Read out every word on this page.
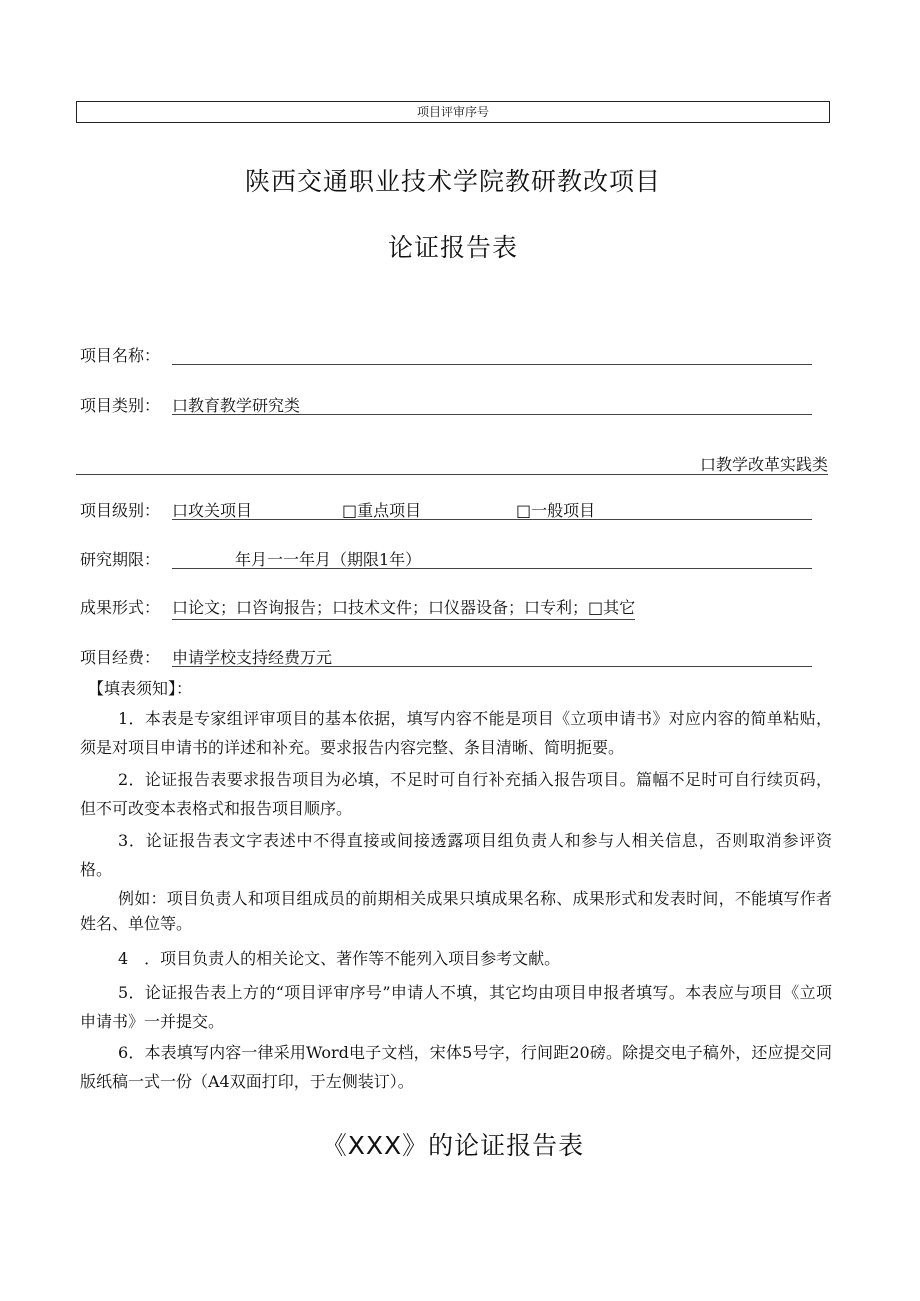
项目评审序号
陕西交通职业技术学院教研教改项目
论证报告表
项目名称：
项目类别： 口教育教学研究类
口教学改革实践类
项目级别： 口攻关项目	□重点项目	□一般项目
研究期限：	年月一一年月（期限1年）
成果形式： 口论文；口咨询报告；口技术文件；口仪器设备；口专利；□其它
项目经费： 申请学校支持经费万元
【填表须知】：
1．本表是专家组评审项目的基本依据，填写内容不能是项目《立项申请书》对应内容的简单粘贴，须是对项目申请书的详述和补充。要求报告内容完整、条目清晰、简明扼要。
2．论证报告表要求报告项目为必填，不足时可自行补充插入报告项目。篇幅不足时可自行续页码，但不可改变本表格式和报告项目顺序。
3．论证报告表文字表述中不得直接或间接透露项目组负责人和参与人相关信息，否则取消参评资格。
例如：项目负责人和项目组成员的前期相关成果只填成果名称、成果形式和发表时间，不能填写作者姓名、单位等。
4　．项目负责人的相关论文、著作等不能列入项目参考文献。
5．论证报告表上方的“项目评审序号”申请人不填，其它均由项目申报者填写。本表应与项目《立项申请书》一并提交。
6．本表填写内容一律采用Word电子文档，宋体5号字，行间距20磅。除提交电子稿外，还应提交同版纸稿一式一份（A4双面打印，于左侧装订）。
《XXX》的论证报告表
